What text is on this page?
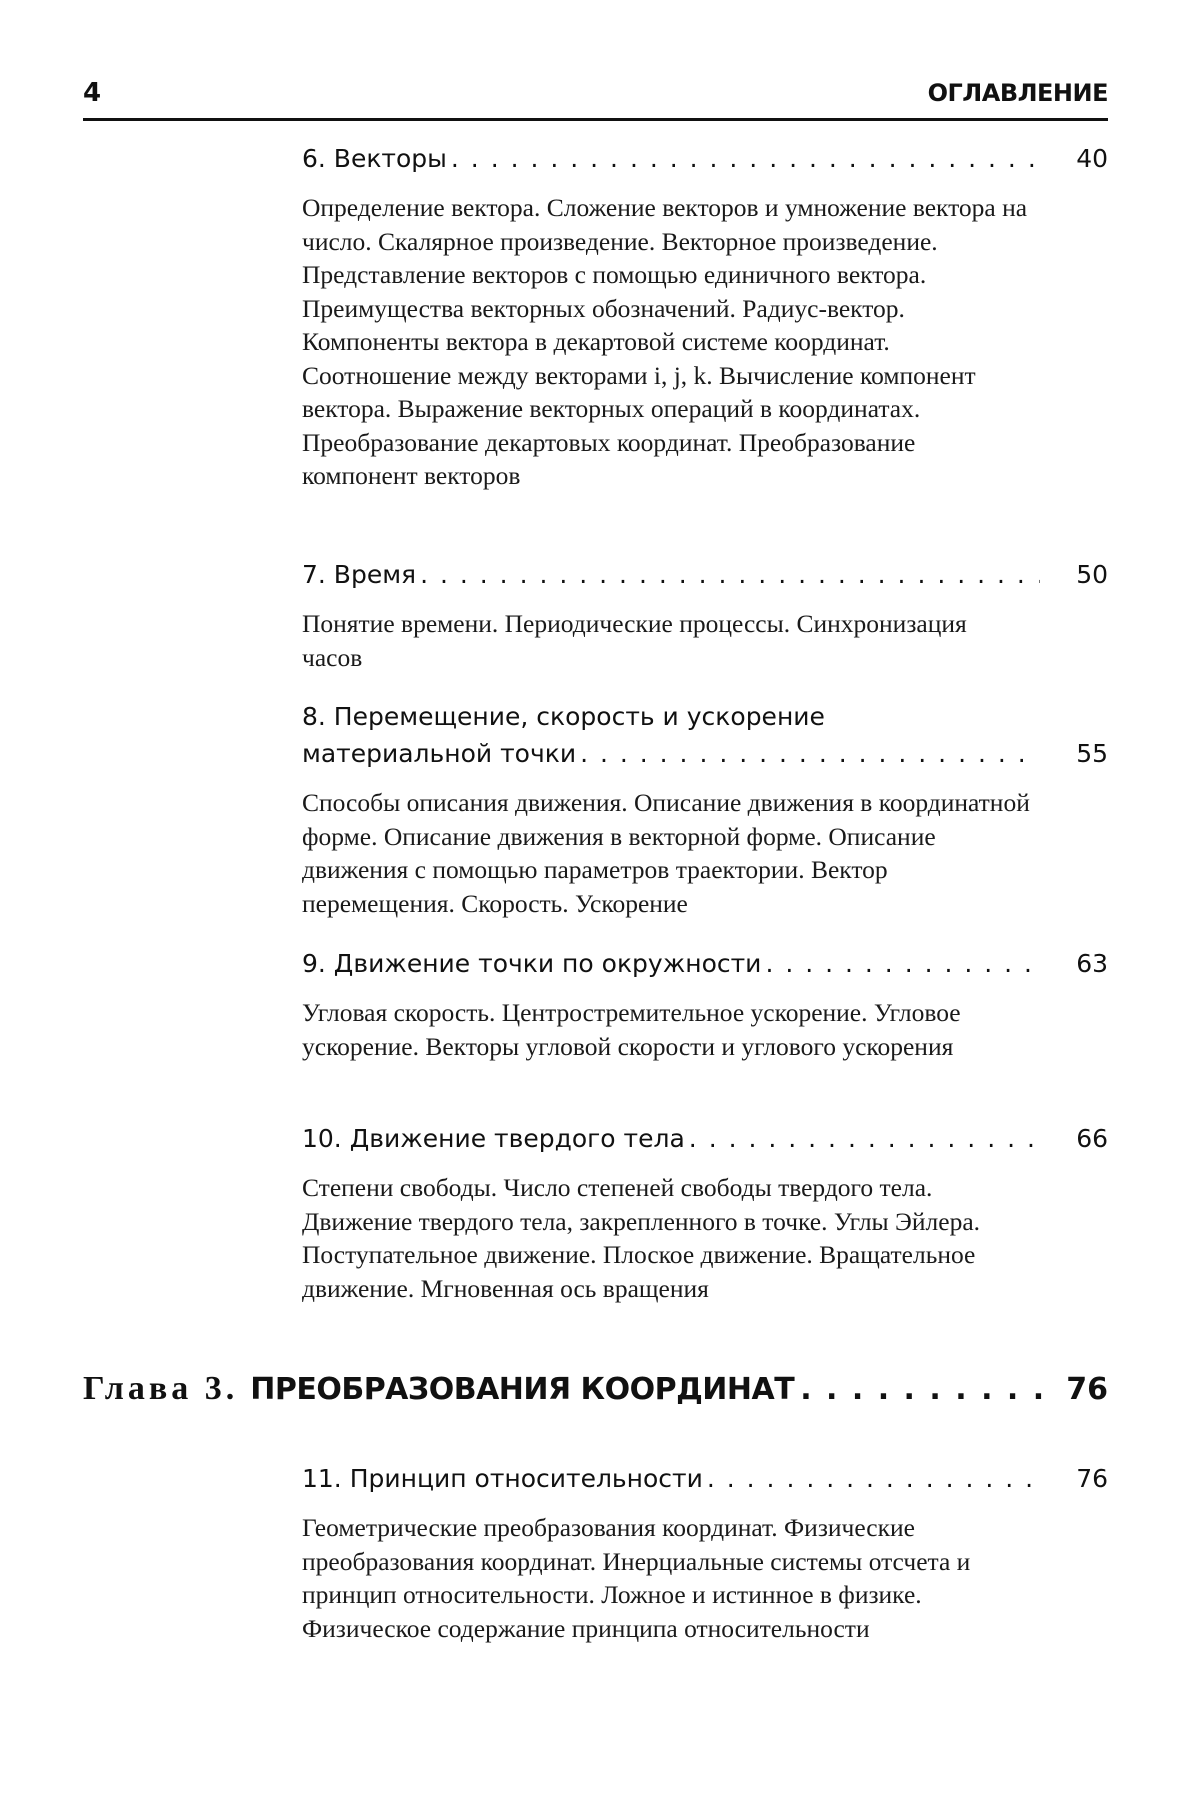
4	ОГЛАВЛЕНИЕ
6. Векторы . . .	40
Определение вектора. Сложение векторов и умножение вектора на число. Скалярное произведение. Векторное произведение. Представление векторов с помощью единичного вектора. Преимущества векторных обозначений. Радиус-вектор. Компоненты вектора в декартовой системе координат. Соотношение между векторами i, j, k. Вычисление компонент вектора. Выражение векторных операций в координатах. Преобразование декартовых координат. Преобразование компонент векторов
7. Время . . .	50
Понятие времени. Периодические процессы. Синхронизация часов
8. Перемещение, скорость и ускорение
материальной точки . . .	55
Способы описания движения. Описание движения в координатной форме. Описание движения в векторной форме. Описание движения с помощью параметров траектории. Вектор перемещения. Скорость. Ускорение
9. Движение точки по окружности . . .	63
Угловая скорость. Центростремительное ускорение. Угловое ускорение. Векторы угловой скорости и углового ускорения
10. Движение твердого тела . . .	66
Степени свободы. Число степеней свободы твердого тела. Движение твердого тела, закрепленного в точке. Углы Эйлера. Поступательное движение. Плоское движение. Вращательное движение. Мгновенная ось вращения
Глава 3. ПРЕОБРАЗОВАНИЯ КООРДИНАТ . . .	76
11. Принцип относительности . . .	76
Геометрические преобразования координат. Физические преобразования координат. Инерциальные системы отсчета и принцип относительности. Ложное и истинное в физике. Физическое содержание принципа относительности
